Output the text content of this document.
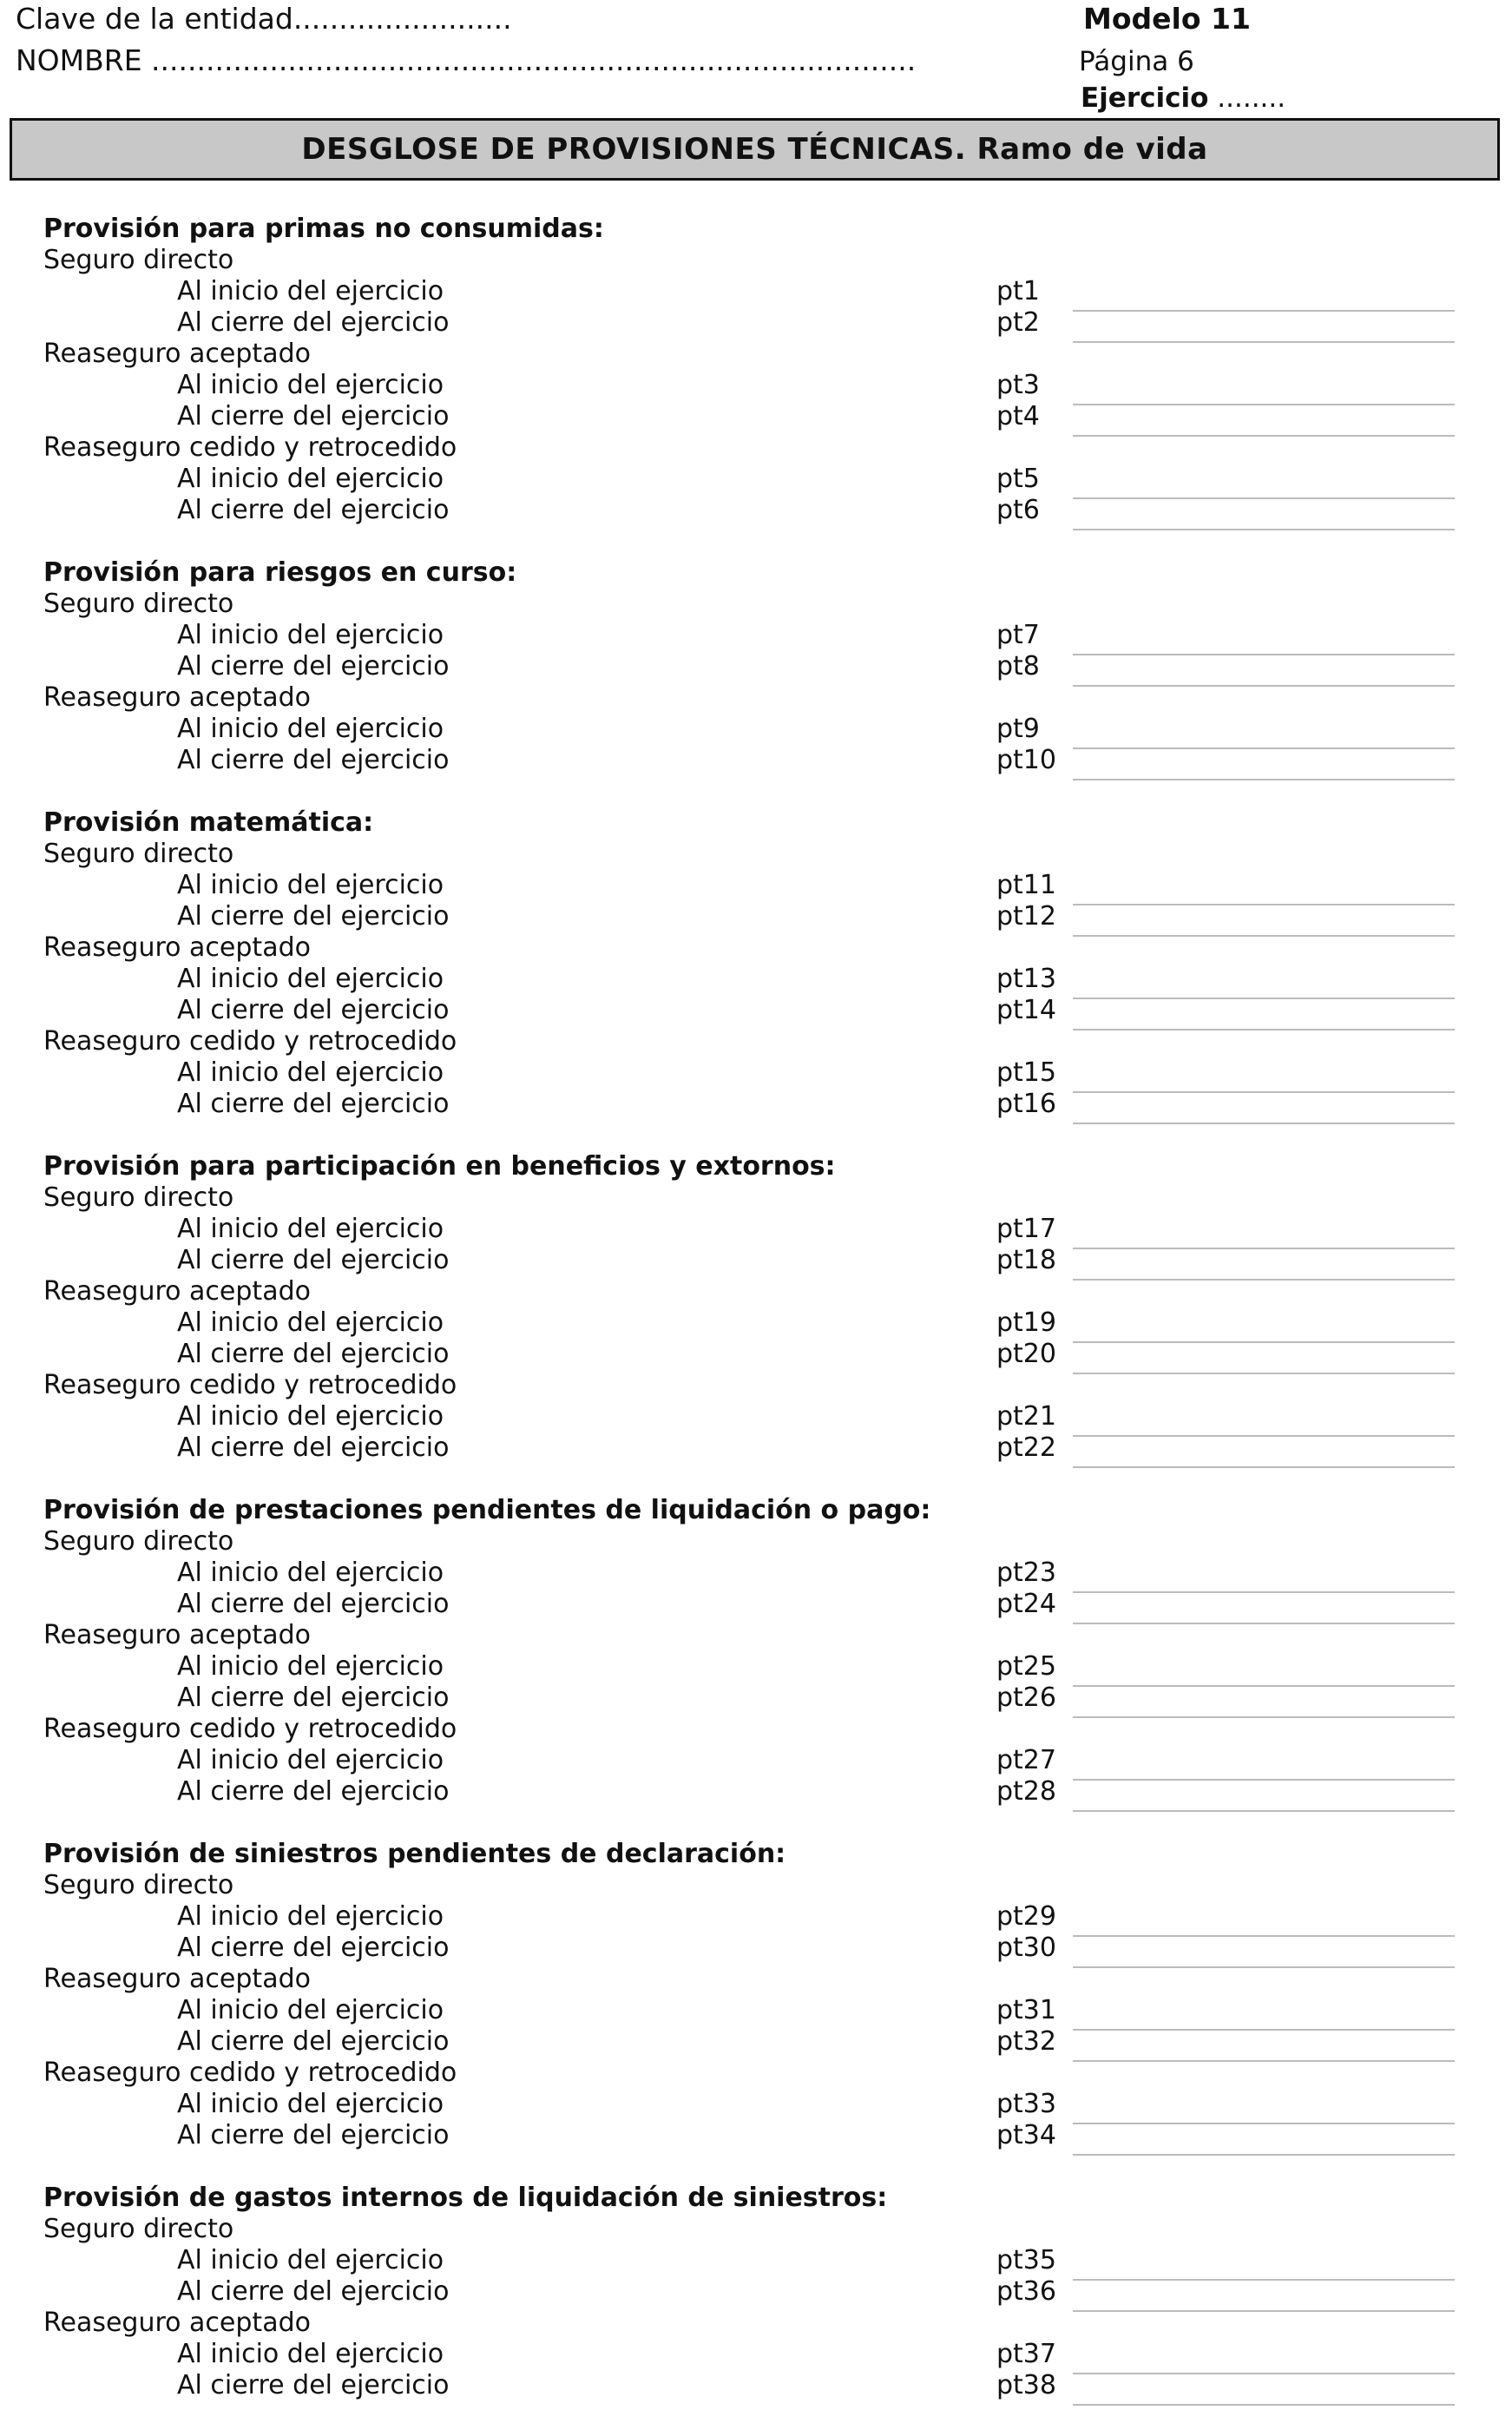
Clave de la entidad........................	Modelo 11
NOMBRE ....................................................................................	Página 6
Ejercicio ........
DESGLOSE DE PROVISIONES TÉCNICAS. Ramo de vida
Provisión para primas no consumidas:
Seguro directo
Al inicio del ejercicio	pt1
Al cierre del ejercicio	pt2
Reaseguro aceptado
Al inicio del ejercicio	pt3
Al cierre del ejercicio	pt4
Reaseguro cedido y retrocedido
Al inicio del ejercicio	pt5
Al cierre del ejercicio	pt6
Provisión para riesgos en curso:
Seguro directo
Al inicio del ejercicio	pt7
Al cierre del ejercicio	pt8
Reaseguro aceptado
Al inicio del ejercicio	pt9
Al cierre del ejercicio	pt10
Provisión matemática:
Seguro directo
Al inicio del ejercicio	pt11
Al cierre del ejercicio	pt12
Reaseguro aceptado
Al inicio del ejercicio	pt13
Al cierre del ejercicio	pt14
Reaseguro cedido y retrocedido
Al inicio del ejercicio	pt15
Al cierre del ejercicio	pt16
Provisión para participación en beneficios y extornos:
Seguro directo
Al inicio del ejercicio	pt17
Al cierre del ejercicio	pt18
Reaseguro aceptado
Al inicio del ejercicio	pt19
Al cierre del ejercicio	pt20
Reaseguro cedido y retrocedido
Al inicio del ejercicio	pt21
Al cierre del ejercicio	pt22
Provisión de prestaciones pendientes de liquidación o pago:
Seguro directo
Al inicio del ejercicio	pt23
Al cierre del ejercicio	pt24
Reaseguro aceptado
Al inicio del ejercicio	pt25
Al cierre del ejercicio	pt26
Reaseguro cedido y retrocedido
Al inicio del ejercicio	pt27
Al cierre del ejercicio	pt28
Provisión de siniestros pendientes de declaración:
Seguro directo
Al inicio del ejercicio	pt29
Al cierre del ejercicio	pt30
Reaseguro aceptado
Al inicio del ejercicio	pt31
Al cierre del ejercicio	pt32
Reaseguro cedido y retrocedido
Al inicio del ejercicio	pt33
Al cierre del ejercicio	pt34
Provisión de gastos internos de liquidación de siniestros:
Seguro directo
Al inicio del ejercicio	pt35
Al cierre del ejercicio	pt36
Reaseguro aceptado
Al inicio del ejercicio	pt37
Al cierre del ejercicio	pt38
